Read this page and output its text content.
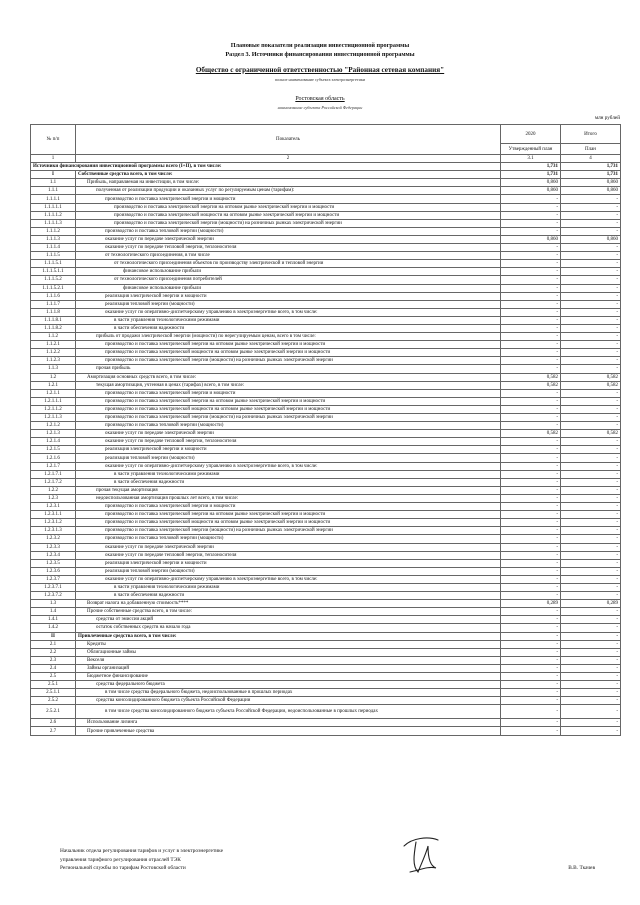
Плановые показатели реализации инвестиционной программы
Раздел 3. Источники финансирования инвестиционной программы
Общество с ограниченной ответственностью "Районная сетевая компания"
полное наименование субъекта электроэнергетики
Ростовская область
наименование субъекта Российской Федерации
млн рублей
№ п/п	Показатель	2020	Итого
		Утвержденный план	План
1	2	3.1	4
Источники финансирования инвестиционной программы всего (I+II), в том числе:		1,731	1,731
I	Собственные средства всего, в том числе:	1,731	1,731
1.1	Прибыль, направляемая на инвестиции, в том числе:	0,860	0,860
1.1.1	полученная от реализации продукции и оказанных услуг по регулируемым ценам (тарифам):	0,860	0,860
1.1.1.1	производство и поставка электрической энергии и мощности	-	-
1.1.1.1.1	производство и поставка электрической энергии на оптовом рынке электрической энергии и мощности	-	-
1.1.1.1.2	производство и поставка электрической мощности на оптовом рынке электрической энергии и мощности	-	-
1.1.1.1.3	производство и поставка электрической энергии (мощности) на розничных рынках электрической энергии	-	-
1.1.1.2	производство и поставка тепловой энергии (мощности)	-	-
1.1.1.3	оказание услуг по передаче электрической энергии	0,860	0,860
1.1.1.4	оказание услуг по передаче тепловой энергии, теплоносителя	-	-
1.1.1.5	от технологического присоединения, в том числе	-	-
1.1.1.5.1	от технологического присоединения объектов по производству электрической и тепловой энергии	-	-
1.1.1.5.1.1	финансовое использование прибыли	-	-
1.1.1.5.2	от технологического присоединения потребителей	-	-
1.1.1.5.2.1	финансовое использование прибыли	-	-
1.1.1.6	реализация электрической энергии и мощности	-	-
1.1.1.7	реализация тепловой энергии (мощности)	-	-
1.1.1.8	оказание услуг по оперативно-диспетчерскому управлению в электроэнергетике всего, в том числе:	-	-
1.1.1.8.1	в части управления технологическими режимами	-	-
1.1.1.8.2	в части обеспечения надежности	-	-
1.1.2	прибыль от продажи электрической энергии (мощности) по нерегулируемым ценам, всего в том числе:	-	-
1.1.2.1	производство и поставка электрической энергии на оптовом рынке электрической энергии и мощности	-	-
1.1.2.2	производство и поставка электрической мощности на оптовом рынке электрической энергии и мощности	-	-
1.1.2.3	производство и поставка электрической энергии (мощности) на розничных рынках электрической энергии	-	-
1.1.3	прочая прибыль	-	-
1.2	Амортизация основных средств всего, в том числе:	0,582	0,582
1.2.1	текущая амортизация, учтенная в ценах (тарифах) всего, в том числе:	0,582	0,582
1.2.1.1	производство и поставка электрической энергии и мощности	-	-
1.2.1.1.1	производство и поставка электрической энергии на оптовом рынке электрической энергии и мощности	-	-
1.2.1.1.2	производство и поставка электрической мощности на оптовом рынке электрической энергии и мощности	-	-
1.2.1.1.3	производство и поставка электрической энергии (мощности) на розничных рынках электрической энергии	-	-
1.2.1.2	производство и поставка тепловой энергии (мощности)	-	-
1.2.1.3	оказание услуг по передаче электрической энергии	0,582	0,582
1.2.1.4	оказание услуг по передаче тепловой энергии, теплоносителя	-	-
1.2.1.5	реализация электрической энергии и мощности	-	-
1.2.1.6	реализация тепловой энергии (мощности)	-	-
1.2.1.7	оказание услуг по оперативно-диспетчерскому управлению в электроэнергетике всего, в том числе:	-	-
1.2.1.7.1	в части управления технологическими режимами	-	-
1.2.1.7.2	в части обеспечения надежности	-	-
1.2.2	прочая текущая амортизация	-	-
1.2.3	недоиспользованная амортизация прошлых лет всего, в том числе:	-	-
1.2.3.1	производство и поставка электрической энергии и мощности	-	-
1.2.3.1.1	производство и поставка электрической энергии на оптовом рынке электрической энергии и мощности	-	-
1.2.3.1.2	производство и поставка электрической мощности на оптовом рынке электрической энергии и мощности	-	-
1.2.3.1.3	производство и поставка электрической энергии (мощности) на розничных рынках электрической энергии	-	-
1.2.3.2	производство и поставка тепловой энергии (мощности)	-	-
1.2.3.3	оказание услуг по передаче электрической энергии	-	-
1.2.3.4	оказание услуг по передаче тепловой энергии, теплоносителя	-	-
1.2.3.5	реализация электрической энергии и мощности	-	-
1.2.3.6	реализация тепловой энергии (мощности)	-	-
1.2.3.7	оказание услуг по оперативно-диспетчерскому управлению в электроэнергетике всего, в том числе:	-	-
1.2.3.7.1	в части управления технологическими режимами	-	-
1.2.3.7.2	в части обеспечения надежности	-	-
1.3	Возврат налога на добавленную стоимость****	0,289	0,289
1.4	Прочие собственные средства всего, в том числе:	-	-
1.4.1	средства от эмиссии акций	-	-
1.4.2	остаток собственных средств на начало года	-	-
II	Привлеченные средства всего, в том числе:	-	-
2.1	Кредиты	-	-
2.2	Облигационные займы	-	-
2.3	Векселя	-	-
2.4	Займы организаций	-	-
2.5	Бюджетное финансирование	-	-
2.5.1	средства федерального бюджета	-	-
2.5.1.1	в том числе средства федерального бюджета, недоиспользованные в прошлых периодах	-	-
2.5.2	средства консолидированного бюджета субъекта Российской Федерации	-	-
2.5.2.1	в том числе средства консолидированного бюджета субъекта Российской Федерации, недоиспользованные в прошлых периодах	-	-
2.6	Использование лизинга	-	-
2.7	Прочие привлеченные средства	-	-
Начальник отдела регулирования тарифов и услуг в электроэнергетике
управления тарифного регулирования отраслей ТЭК
Региональной службы по тарифам Ростовской области	В.В. Ткачев
